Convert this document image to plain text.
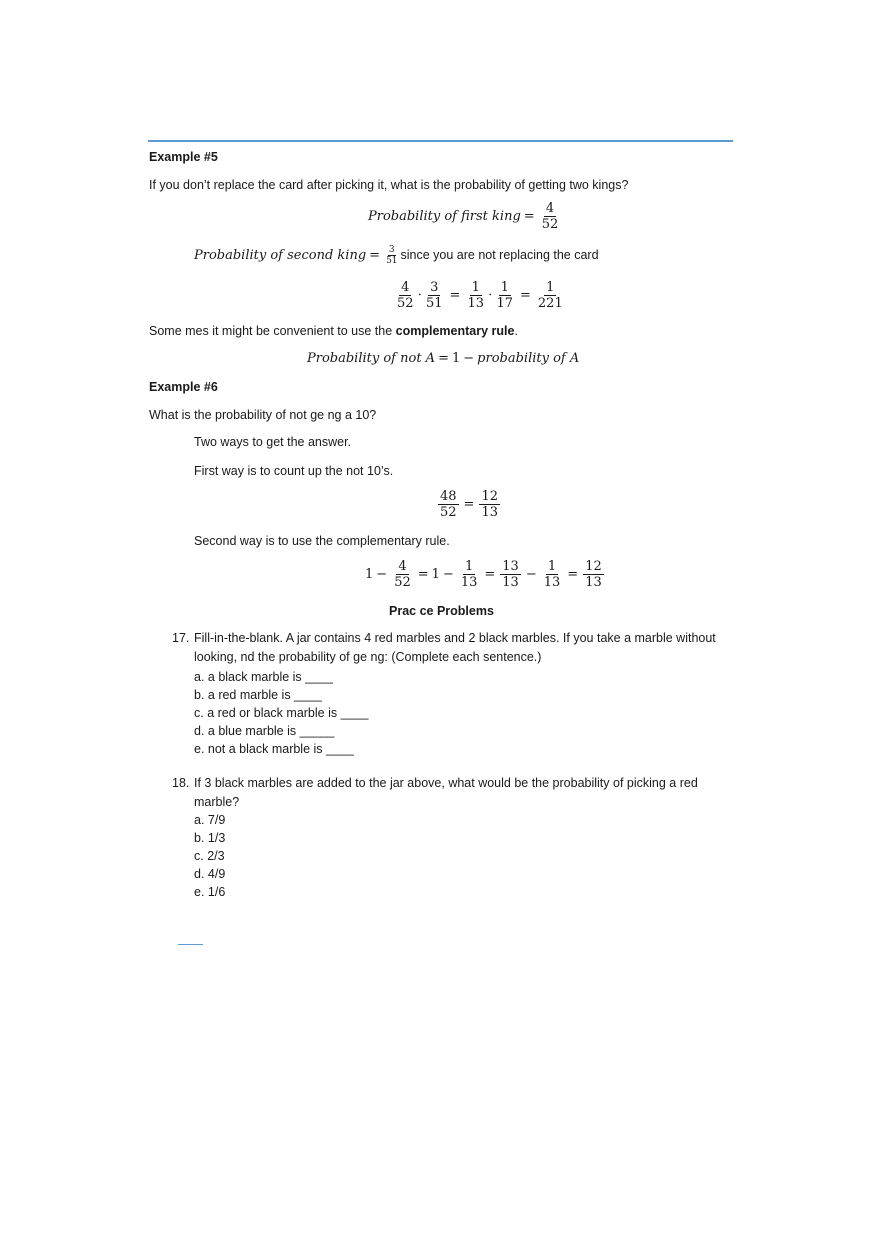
Example #5
If you don’t replace the card after picking it, what is the probability of getting two kings?
Probability of first king = $\frac{4}{52}$
Probability of second king = $\frac{3}{51}$ since you are not replacing the card
$\frac{4}{52} \cdot \frac{3}{51} = \frac{1}{13} \cdot \frac{1}{17} = \frac{1}{221}$
Some mes it might be convenient to use the complementary rule.
Probability of not A = 1 − probability of A
Example #6
What is the probability of not ge ng a 10?
Two ways to get the answer.
First way is to count up the not 10’s.
$\frac{48}{52} = \frac{12}{13}$
Second way is to use the complementary rule.
$1 - \frac{4}{52} = 1 - \frac{1}{13} = \frac{13}{13} - \frac{1}{13} = \frac{12}{13}$
Prac ce Problems
17. Fill-in-the-blank. A jar contains 4 red marbles and 2 black marbles. If you take a marble without
looking, nd the probability of ge ng: (Complete each sentence.)
a. a black marble is ____
b. a red marble is ____
c. a red or black marble is ____
d. a blue marble is _____
e. not a black marble is ____
18. If 3 black marbles are added to the jar above, what would be the probability of picking a red
marble?
a. 7/9
b. 1/3
c. 2/3
d. 4/9
e. 1/6
